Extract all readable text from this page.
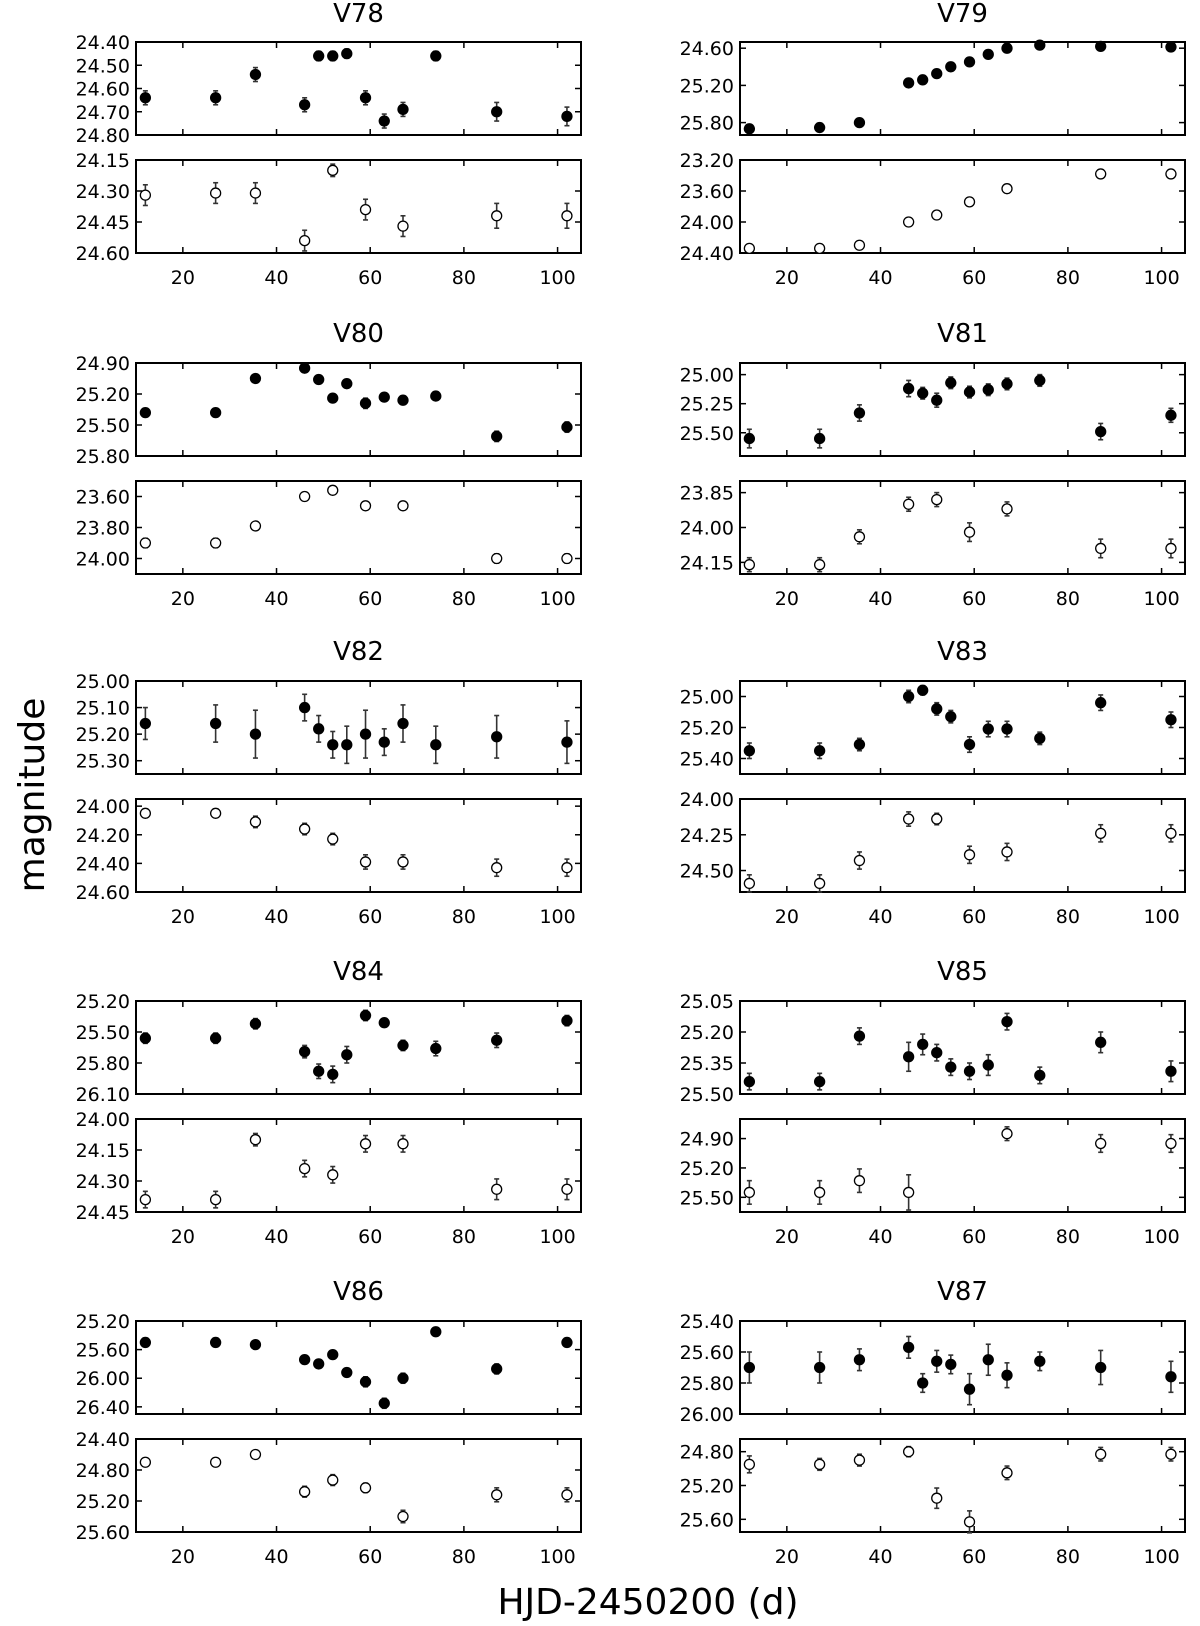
magnitude
HJD-2450200 (d)
V78
24.40
24.50
24.60
24.70
24.80
24.15
24.30
24.45
24.60
20	40	60	80	100
V79
24.60
25.20
25.80
23.20
23.60
24.00
24.40
20	40	60	80	100
V80
24.90
25.20
25.50
25.80
23.60
23.80
24.00
20	40	60	80	100
V81
25.00
25.25
25.50
23.85
24.00
24.15
20	40	60	80	100
V82
25.00
25.10
25.20
25.30
24.00
24.20
24.40
24.60
20	40	60	80	100
V83
25.00
25.20
25.40
24.00
24.25
24.50
20	40	60	80	100
V84
25.20
25.50
25.80
26.10
24.00
24.15
24.30
24.45
20	40	60	80	100
V85
25.05
25.20
25.35
25.50
24.90
25.20
25.50
20	40	60	80	100
V86
25.20
25.60
26.00
26.40
24.40
24.80
25.20
25.60
20	40	60	80	100
V87
25.40
25.60
25.80
26.00
24.80
25.20
25.60
20	40	60	80	100
